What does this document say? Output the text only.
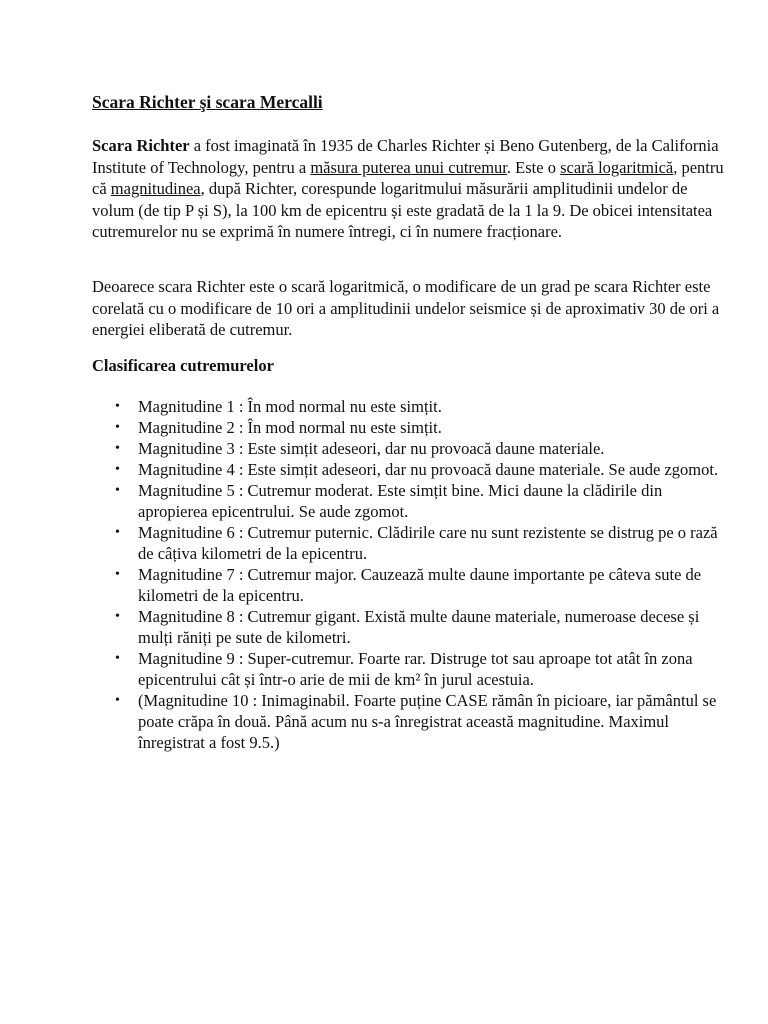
Scara Richter şi scara Mercalli

Scara Richter a fost imaginată în 1935 de Charles Richter și Beno Gutenberg, de la California Institute of Technology, pentru a măsura puterea unui cutremur. Este o scară logaritmică, pentru că magnitudinea, după Richter, corespunde logaritmului măsurării amplitudinii undelor de volum (de tip P și S), la 100 km de epicentru și este gradată de la 1 la 9. De obicei intensitatea cutremurelor nu se exprimă în numere întregi, ci în numere fracționare.

Deoarece scara Richter este o scară logaritmică, o modificare de un grad pe scara Richter este corelată cu o modificare de 10 ori a amplitudinii undelor seismice și de aproximativ 30 de ori a energiei eliberată de cutremur.

Clasificarea cutremurelor
• Magnitudine 1 : În mod normal nu este simțit.
• Magnitudine 2 : În mod normal nu este simțit.
• Magnitudine 3 : Este simțit adeseori, dar nu provoacă daune materiale.
• Magnitudine 4 : Este simțit adeseori, dar nu provoacă daune materiale. Se aude zgomot.
• Magnitudine 5 : Cutremur moderat. Este simțit bine. Mici daune la clădirile din apropierea epicentrului. Se aude zgomot.
• Magnitudine 6 : Cutremur puternic. Clădirile care nu sunt rezistente se distrug pe o rază de câțiva kilometri de la epicentru.
• Magnitudine 7 : Cutremur major. Cauzează multe daune importante pe câteva sute de kilometri de la epicentru.
• Magnitudine 8 : Cutremur gigant. Există multe daune materiale, numeroase decese și mulți răniți pe sute de kilometri.
• Magnitudine 9 : Super-cutremur. Foarte rar. Distruge tot sau aproape tot atât în zona epicentrului cât și într-o arie de mii de km² în jurul acestuia.
• (Magnitudine 10 : Inimaginabil. Foarte puține CASE rămân în picioare, iar pământul se poate crăpa în două. Până acum nu s-a înregistrat această magnitudine. Maximul înregistrat a fost 9.5.)
